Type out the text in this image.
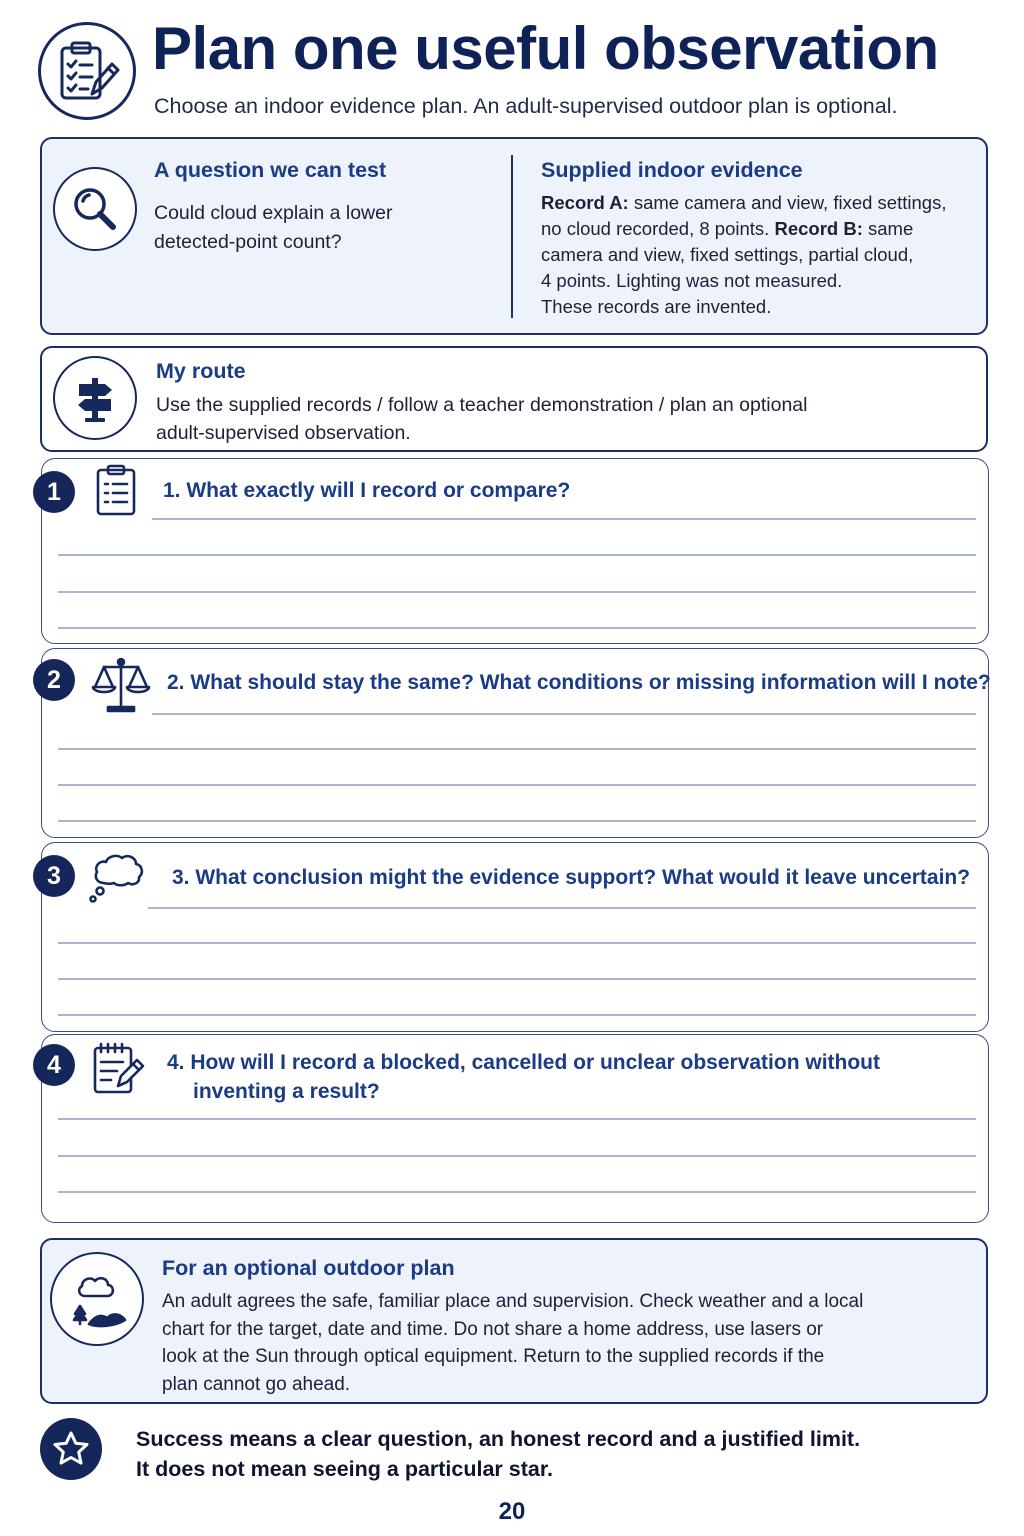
Plan one useful observation
Choose an indoor evidence plan. An adult-supervised outdoor plan is optional.
A question we can test
Could cloud explain a lower
detected-point count?
Supplied indoor evidence
Record A: same camera and view, fixed settings,
no cloud recorded, 8 points. Record B: same
camera and view, fixed settings, partial cloud,
4 points. Lighting was not measured.
These records are invented.
My route
Use the supplied records / follow a teacher demonstration / plan an optional
adult-supervised observation.
1	1. What exactly will I record or compare?
2	2. What should stay the same? What conditions or missing information will I note?
3	3. What conclusion might the evidence support? What would it leave uncertain?
4	4. How will I record a blocked, cancelled or unclear observation without
inventing a result?
For an optional outdoor plan
An adult agrees the safe, familiar place and supervision. Check weather and a local
chart for the target, date and time. Do not share a home address, use lasers or
look at the Sun through optical equipment. Return to the supplied records if the
plan cannot go ahead.
Success means a clear question, an honest record and a justified limit.
It does not mean seeing a particular star.
20
